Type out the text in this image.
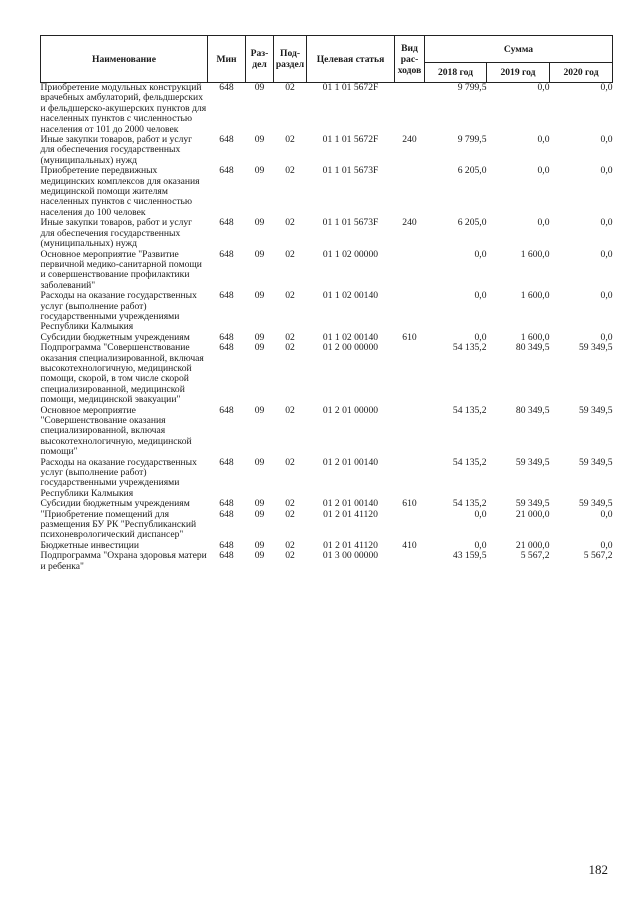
Наименование	Мин	Раз- дел	Под- раздел	Целевая статья	Вид рас- ходов	Сумма		
						2018 год	2019 год	2020 год
Приобретение модульных конструкций врачебных амбулаторий, фельдшерских и фельдшерско-акушерских пунктов для населенных пунктов с численностью населения от 101 до 2000 человек	648	09	02	01 1 01 5672F		9 799,5	0,0	0,0
Иные закупки товаров, работ и услуг для обеспечения государственных (муниципальных) нужд	648	09	02	01 1 01 5672F	240	9 799,5	0,0	0,0
Приобретение передвижных медицинских комплексов для оказания медицинской помощи жителям населенных пунктов с численностью населения до 100 человек	648	09	02	01 1 01 5673F		6 205,0	0,0	0,0
Иные закупки товаров, работ и услуг для обеспечения государственных (муниципальных) нужд	648	09	02	01 1 01 5673F	240	6 205,0	0,0	0,0
Основное мероприятие "Развитие первичной медико-санитарной помощи и совершенствование профилактики заболеваний"	648	09	02	01 1 02 00000		0,0	1 600,0	0,0
Расходы на оказание государственных услуг (выполнение работ) государственными учреждениями Республики Калмыкия	648	09	02	01 1 02 00140		0,0	1 600,0	0,0
Субсидии бюджетным учреждениям	648	09	02	01 1 02 00140	610	0,0	1 600,0	0,0
Подпрограмма "Совершенствование оказания специализированной, включая высокотехнологичную, медицинской помощи, скорой, в том числе скорой специализированной, медицинской помощи, медицинской эвакуации"	648	09	02	01 2 00 00000		54 135,2	80 349,5	59 349,5
Основное мероприятие "Совершенствование оказания специализированной, включая высокотехнологичную, медицинской помощи"	648	09	02	01 2 01 00000		54 135,2	80 349,5	59 349,5
Расходы на оказание государственных услуг (выполнение работ) государственными учреждениями Республики Калмыкия	648	09	02	01 2 01 00140		54 135,2	59 349,5	59 349,5
Субсидии бюджетным учреждениям	648	09	02	01 2 01 00140	610	54 135,2	59 349,5	59 349,5
"Приобретение помещений для размещения БУ РК "Республиканский психоневрологический диспансер"	648	09	02	01 2 01 41120		0,0	21 000,0	0,0
Бюджетные инвестиции	648	09	02	01 2 01 41120	410	0,0	21 000,0	0,0
Подпрограмма "Охрана здоровья матери и ребенка"	648	09	02	01 3 00 00000		43 159,5	5 567,2	5 567,2
182
